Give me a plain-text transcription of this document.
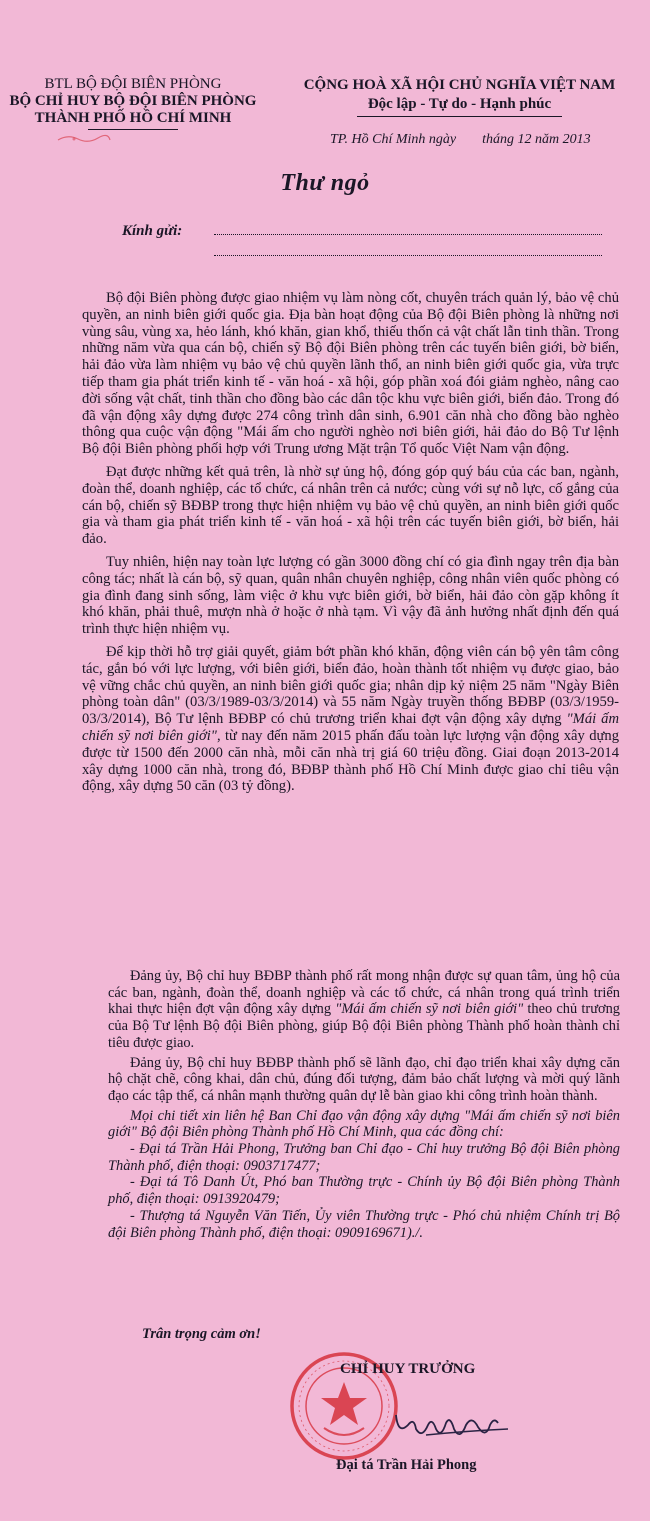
BTL BỘ ĐỘI BIÊN PHÒNG
BỘ CHỈ HUY BỘ ĐỘI BIÊN PHÒNG
THÀNH PHỐ HỒ CHÍ MINH
CỘNG HOÀ XÃ HỘI CHỦ NGHĨA VIỆT NAM
Độc lập - Tự do - Hạnh phúc
TP. Hồ Chí Minh ngày tháng 12 năm 2013
Thư ngỏ
Kính gửi:

Bộ đội Biên phòng được giao nhiệm vụ làm nòng cốt, chuyên trách quản lý, bảo vệ chủ quyền, an ninh biên giới quốc gia. Địa bàn hoạt động của Bộ đội Biên phòng là những nơi vùng sâu, vùng xa, hẻo lánh, khó khăn, gian khổ, thiếu thốn cả vật chất lẫn tinh thần. Trong những năm vừa qua cán bộ, chiến sỹ Bộ đội Biên phòng trên các tuyến biên giới, bờ biển, hải đảo vừa làm nhiệm vụ bảo vệ chủ quyền lãnh thổ, an ninh biên giới quốc gia, vừa trực tiếp tham gia phát triển kinh tế - văn hoá - xã hội, góp phần xoá đói giảm nghèo, nâng cao đời sống vật chất, tinh thần cho đồng bào các dân tộc khu vực biên giới, biển đảo. Trong đó đã vận động xây dựng được 274 công trình dân sinh, 6.901 căn nhà cho đồng bào nghèo thông qua cuộc vận động "Mái ấm cho người nghèo nơi biên giới, hải đảo do Bộ Tư lệnh Bộ đội Biên phòng phối hợp với Trung ương Mặt trận Tổ quốc Việt Nam vận động.

Đạt được những kết quả trên, là nhờ sự ủng hộ, đóng góp quý báu của các ban, ngành, đoàn thể, doanh nghiệp, các tổ chức, cá nhân trên cả nước; cùng với sự nỗ lực, cố gắng của cán bộ, chiến sỹ BĐBP trong thực hiện nhiệm vụ bảo vệ chủ quyền, an ninh biên giới quốc gia và tham gia phát triển kinh tế - văn hoá - xã hội trên các tuyến biên giới, bờ biển, hải đảo.

Tuy nhiên, hiện nay toàn lực lượng có gần 3000 đồng chí có gia đình ngay trên địa bàn công tác; nhất là cán bộ, sỹ quan, quân nhân chuyên nghiệp, công nhân viên quốc phòng có gia đình đang sinh sống, làm việc ở khu vực biên giới, bờ biển, hải đảo còn gặp không ít khó khăn, phải thuê, mượn nhà ở hoặc ở nhà tạm. Vì vậy đã ảnh hưởng nhất định đến quá trình thực hiện nhiệm vụ.

Để kịp thời hỗ trợ giải quyết, giảm bớt phần khó khăn, động viên cán bộ yên tâm công tác, gắn bó với lực lượng, với biên giới, biển đảo, hoàn thành tốt nhiệm vụ được giao, bảo vệ vững chắc chủ quyền, an ninh biên giới quốc gia; nhân dịp kỷ niệm 25 năm "Ngày Biên phòng toàn dân" (03/3/1989-03/3/2014) và 55 năm Ngày truyền thống BĐBP (03/3/1959-03/3/2014), Bộ Tư lệnh BĐBP có chủ trương triển khai đợt vận động xây dựng "Mái ấm chiến sỹ nơi biên giới", từ nay đến năm 2015 phấn đấu toàn lực lượng vận động xây dựng được từ 1500 đến 2000 căn nhà, mỗi căn nhà trị giá 60 triệu đồng. Giai đoạn 2013-2014 xây dựng 1000 căn nhà, trong đó, BĐBP thành phố Hồ Chí Minh được giao chỉ tiêu vận động, xây dựng 50 căn (03 tỷ đồng).

Đảng ủy, Bộ chỉ huy BĐBP thành phố rất mong nhận được sự quan tâm, ủng hộ của các ban, ngành, đoàn thể, doanh nghiệp và các tổ chức, cá nhân trong quá trình triển khai thực hiện đợt vận động xây dựng "Mái ấm chiến sỹ nơi biên giới" theo chủ trương của Bộ Tư lệnh Bộ đội Biên phòng, giúp Bộ đội Biên phòng Thành phố hoàn thành chỉ tiêu được giao.

Đảng ủy, Bộ chỉ huy BĐBP thành phố sẽ lãnh đạo, chỉ đạo triển khai xây dựng căn hộ chặt chẽ, công khai, dân chủ, đúng đối tượng, đảm bảo chất lượng và mời quý lãnh đạo các tập thể, cá nhân mạnh thường quân dự lễ bàn giao khi công trình hoàn thành.

Mọi chi tiết xin liên hệ Ban Chỉ đạo vận động xây dựng "Mái ấm chiến sỹ nơi biên giới" Bộ đội Biên phòng Thành phố Hồ Chí Minh, qua các đồng chí:

- Đại tá Trần Hải Phong, Trưởng ban Chỉ đạo - Chỉ huy trưởng Bộ đội Biên phòng Thành phố, điện thoại: 0903717477;

- Đại tá Tô Danh Út, Phó ban Thường trực - Chính ủy Bộ đội Biên phòng Thành phố, điện thoại: 0913920479;

- Thượng tá Nguyễn Văn Tiến, Ủy viên Thường trực - Phó chủ nhiệm Chính trị Bộ đội Biên phòng Thành phố, điện thoại: 0909169671)./.

Trân trọng cảm ơn!
CHỈ HUY TRƯỞNG
Đại tá Trần Hải Phong
